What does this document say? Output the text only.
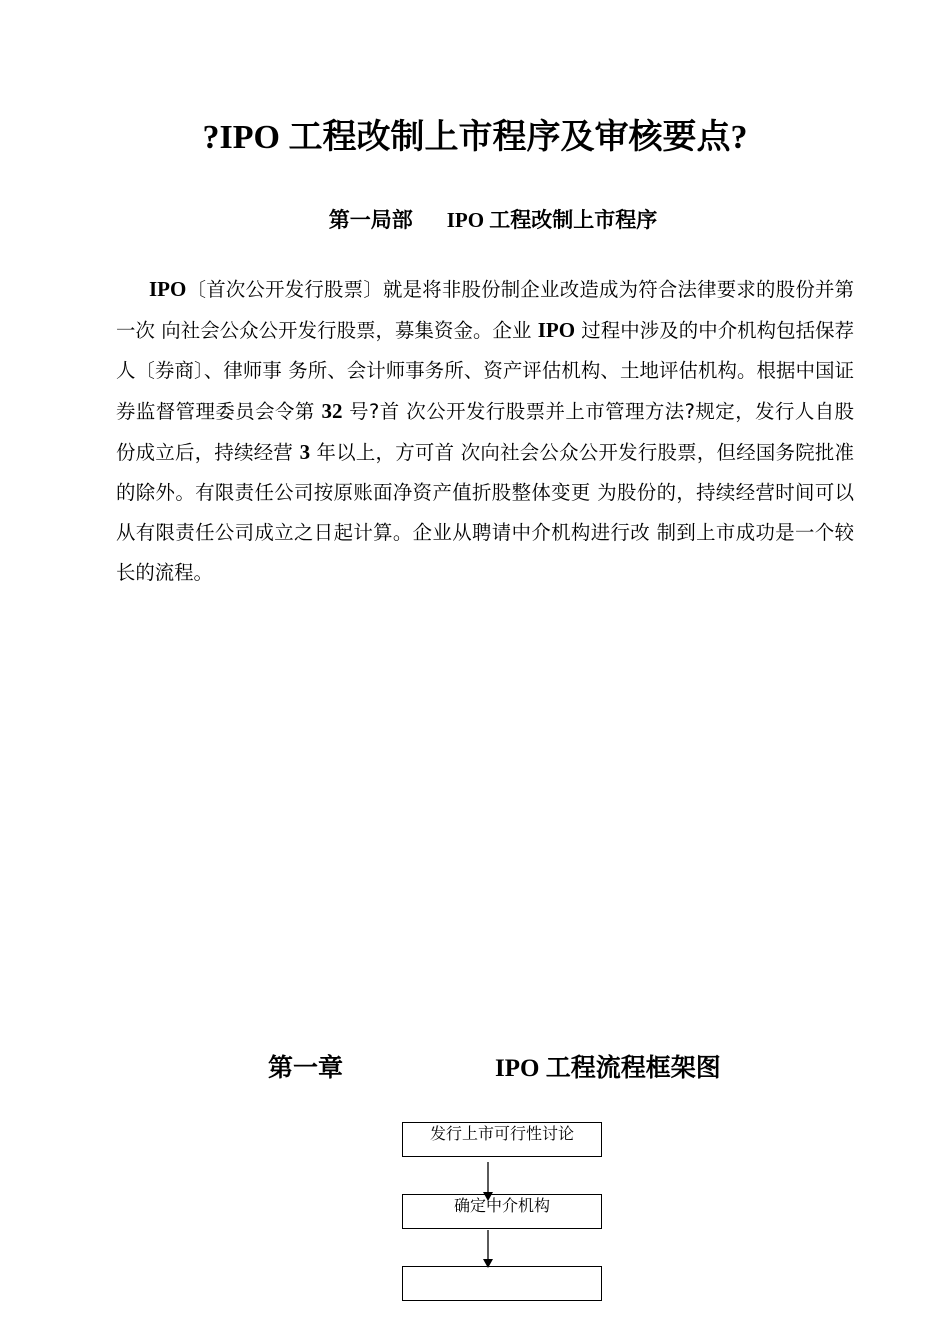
?IPO 工程改制上市程序及审核要点?
第一局部 IPO 工程改制上市程序

IPO〔首次公开发行股票〕就是将非股份制企业改造成为符合法律要求的股份并第一次 向社会公众公开发行股票，募集资金。企业 IPO 过程中涉及的中介机构包括保荐人〔券商〕、律师事 务所、会计师事务所、资产评估机构、土地评估机构。根据中国证券监督管理委员会令第 32 号?首 次公开发行股票并上市管理方法?规定，发行人自股份成立后，持续经营 3 年以上，方可首 次向社会公众公开发行股票，但经国务院批准的除外。有限责任公司按原账面净资产值折股整体变更 为股份的，持续经营时间可以从有限责任公司成立之日起计算。企业从聘请中介机构进行改 制到上市成功是一个较长的流程。

第一章	IPO 工程流程框架图
发行上市可行性讨论
确定中介机构
